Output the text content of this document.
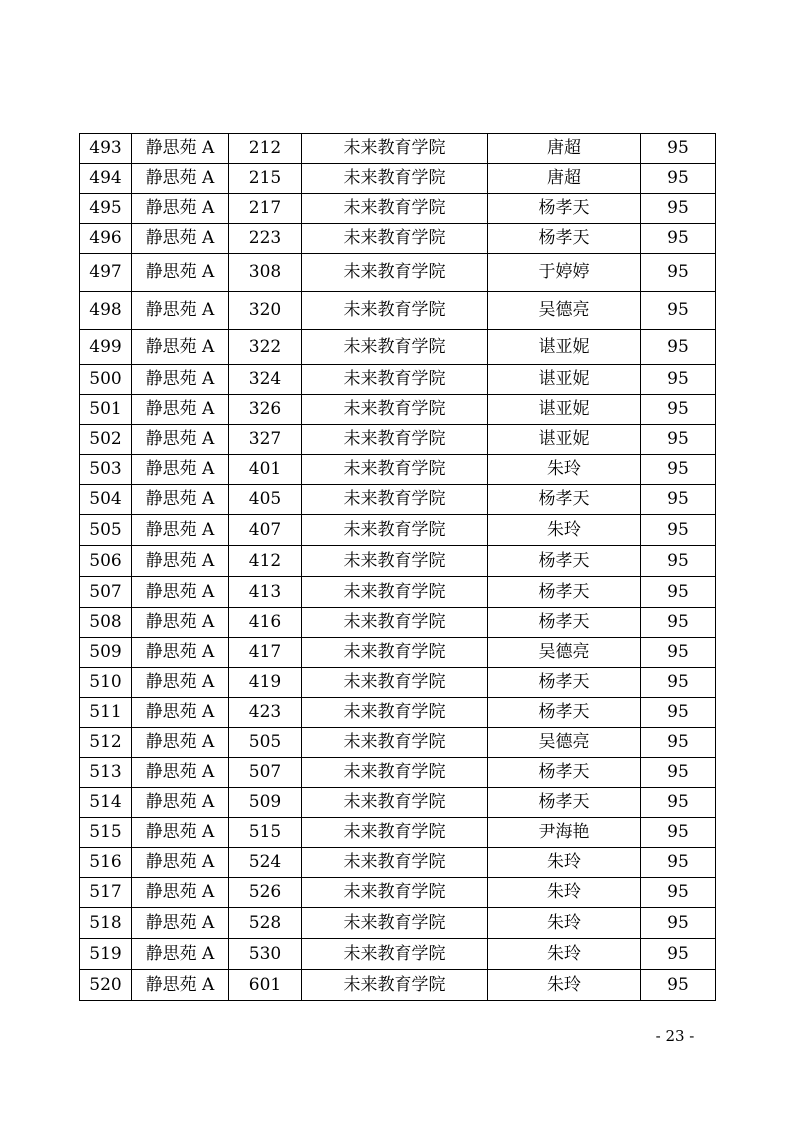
493	静思苑 A	212	未来教育学院	唐超	95
494	静思苑 A	215	未来教育学院	唐超	95
495	静思苑 A	217	未来教育学院	杨孝天	95
496	静思苑 A	223	未来教育学院	杨孝天	95
497	静思苑 A	308	未来教育学院	于婷婷	95
498	静思苑 A	320	未来教育学院	吴德亮	95
499	静思苑 A	322	未来教育学院	谌亚妮	95
500	静思苑 A	324	未来教育学院	谌亚妮	95
501	静思苑 A	326	未来教育学院	谌亚妮	95
502	静思苑 A	327	未来教育学院	谌亚妮	95
503	静思苑 A	401	未来教育学院	朱玲	95
504	静思苑 A	405	未来教育学院	杨孝天	95
505	静思苑 A	407	未来教育学院	朱玲	95
506	静思苑 A	412	未来教育学院	杨孝天	95
507	静思苑 A	413	未来教育学院	杨孝天	95
508	静思苑 A	416	未来教育学院	杨孝天	95
509	静思苑 A	417	未来教育学院	吴德亮	95
510	静思苑 A	419	未来教育学院	杨孝天	95
511	静思苑 A	423	未来教育学院	杨孝天	95
512	静思苑 A	505	未来教育学院	吴德亮	95
513	静思苑 A	507	未来教育学院	杨孝天	95
514	静思苑 A	509	未来教育学院	杨孝天	95
515	静思苑 A	515	未来教育学院	尹海艳	95
516	静思苑 A	524	未来教育学院	朱玲	95
517	静思苑 A	526	未来教育学院	朱玲	95
518	静思苑 A	528	未来教育学院	朱玲	95
519	静思苑 A	530	未来教育学院	朱玲	95
520	静思苑 A	601	未来教育学院	朱玲	95
- 23 -
